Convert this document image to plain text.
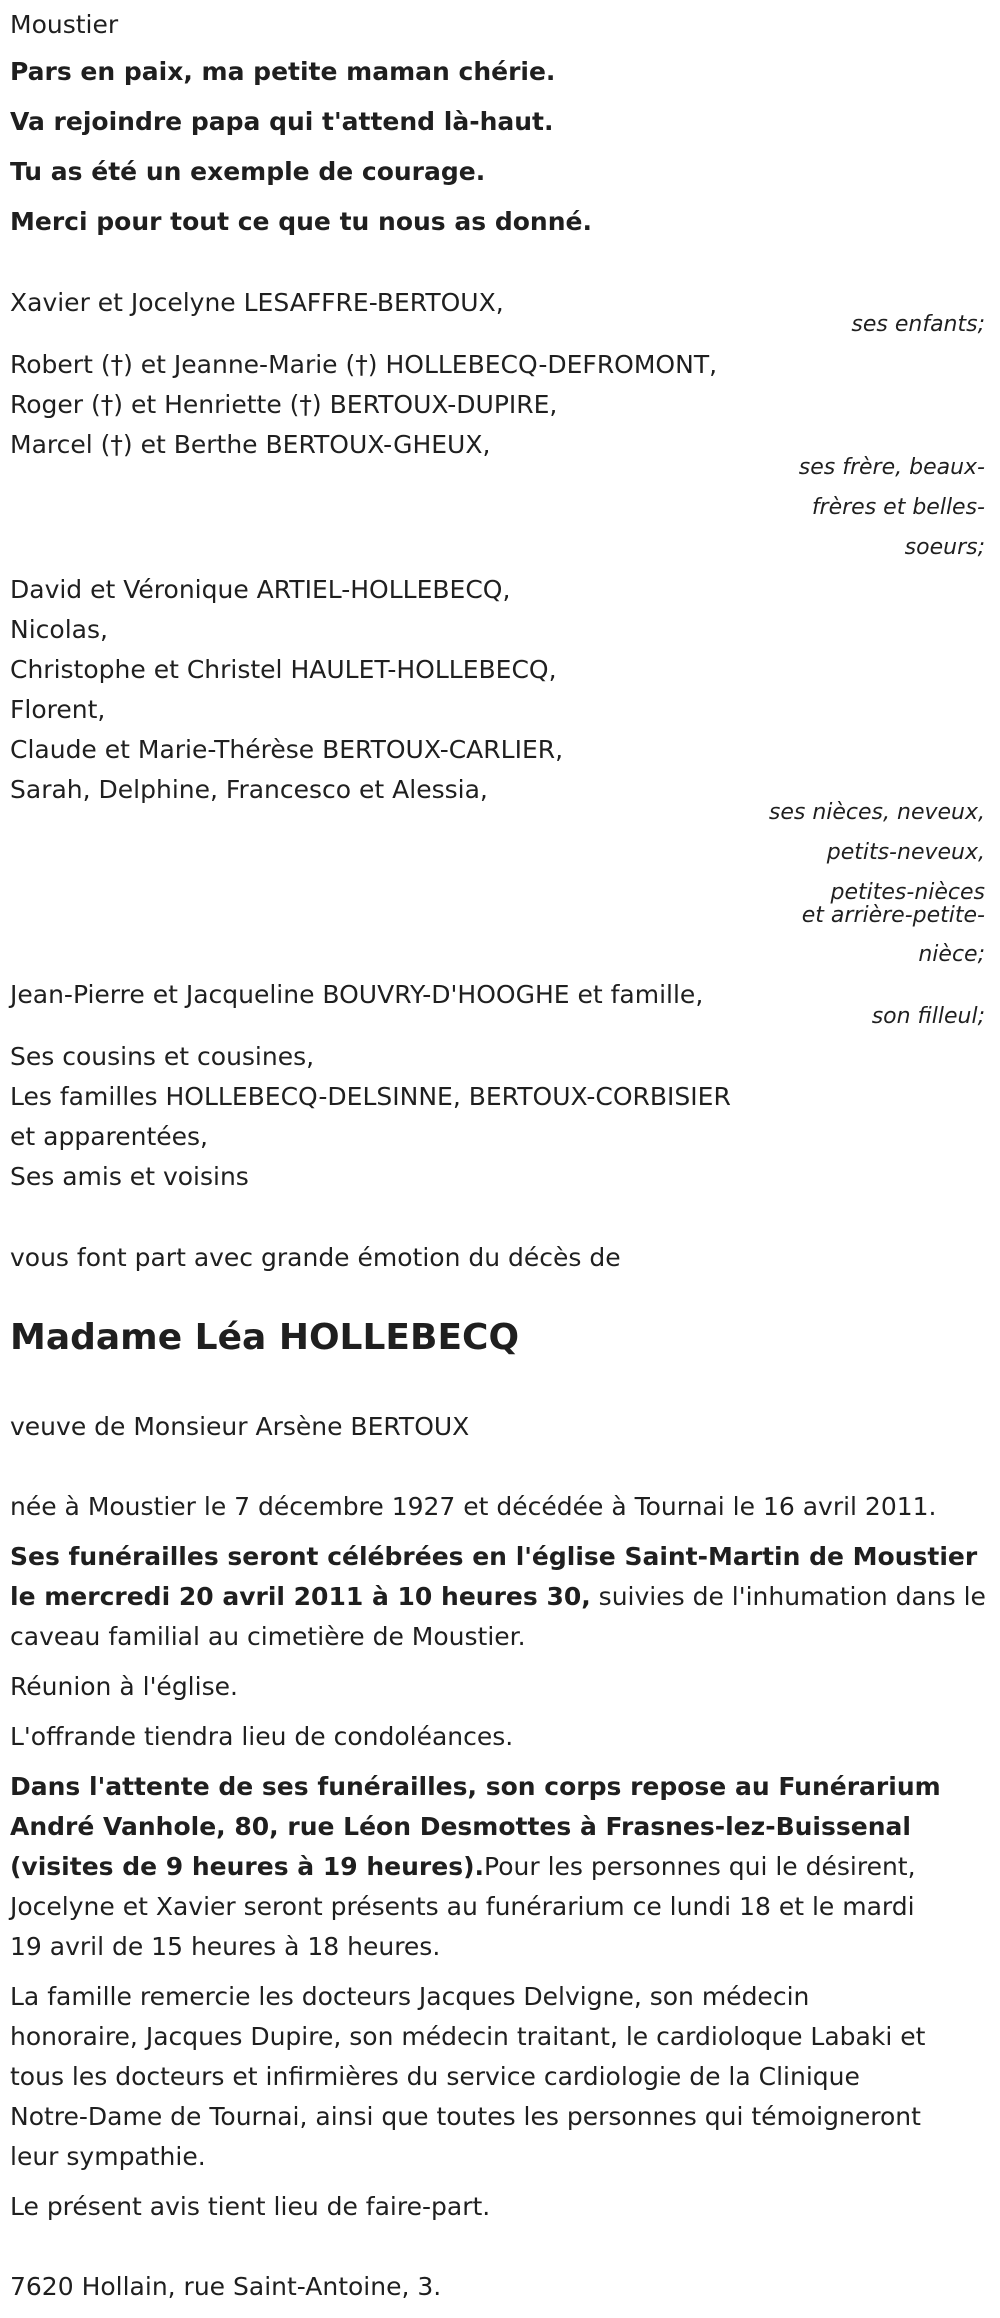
Moustier

Pars en paix, ma petite maman chérie.

Va rejoindre papa qui t'attend là-haut.

Tu as été un exemple de courage.

Merci pour tout ce que tu nous as donné.

Xavier et Jocelyne LESAFFRE-BERTOUX,

ses enfants;

Robert (†) et Jeanne-Marie (†) HOLLEBECQ-DEFROMONT,

Roger (†) et Henriette (†) BERTOUX-DUPIRE,

Marcel (†) et Berthe BERTOUX-GHEUX,

ses frère, beaux-

frères et belles-

soeurs;

David et Véronique ARTIEL-HOLLEBECQ,

Nicolas,

Christophe et Christel HAULET-HOLLEBECQ,

Florent,

Claude et Marie-Thérèse BERTOUX-CARLIER,

Sarah, Delphine, Francesco et Alessia,

ses nièces, neveux,

petits-neveux,

petites-nièces

et arrière-petite-

nièce;

Jean-Pierre et Jacqueline BOUVRY-D'HOOGHE et famille,

son filleul;

Ses cousins et cousines,

Les familles HOLLEBECQ-DELSINNE, BERTOUX-CORBISIER

et apparentées,

Ses amis et voisins

vous font part avec grande émotion du décès de

Madame Léa HOLLEBECQ

veuve de Monsieur Arsène BERTOUX

née à Moustier le 7 décembre 1927 et décédée à Tournai le 16 avril 2011.

Ses funérailles seront célébrées en l'église Saint-Martin de Moustier

le mercredi 20 avril 2011 à 10 heures 30, suivies de l'inhumation dans le

caveau familial au cimetière de Moustier.

Réunion à l'église.

L'offrande tiendra lieu de condoléances.

Dans l'attente de ses funérailles, son corps repose au Funérarium

André Vanhole, 80, rue Léon Desmottes à Frasnes-lez-Buissenal

(visites de 9 heures à 19 heures).Pour les personnes qui le désirent,

Jocelyne et Xavier seront présents au funérarium ce lundi 18 et le mardi

19 avril de 15 heures à 18 heures.

La famille remercie les docteurs Jacques Delvigne, son médecin

honoraire, Jacques Dupire, son médecin traitant, le cardioloque Labaki et

tous les docteurs et infirmières du service cardiologie de la Clinique

Notre-Dame de Tournai, ainsi que toutes les personnes qui témoigneront

leur sympathie.

Le présent avis tient lieu de faire-part.

7620 Hollain, rue Saint-Antoine, 3.
